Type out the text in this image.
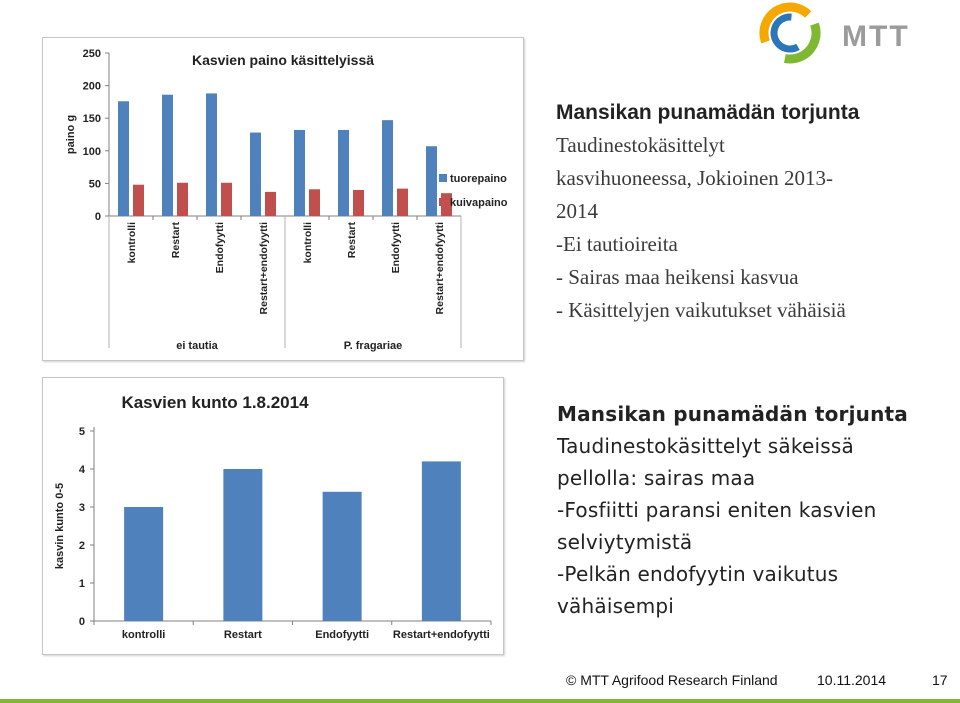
MTT
Kasvien paino käsittelyissä
paino g
0
50
100
150
200
250
kontrolli	Restart	Endofyytti	Restart+endofyytti	kontrolli	Restart	Endofyytti	Restart+endofyytti
ei tautia	P. fragariae
tuorepaino
kuivapaino
Kasvien kunto 1.8.2014
kasvin kunto 0-5
0
1
2
3
4
5
kontrolli	Restart	Endofyytti Restart+endofyytti
Mansikan punamädän torjunta
Taudinestokäsittelyt
kasvihuoneessa, Jokioinen 2013-
2014
-Ei tautioireita
- Sairas maa heikensi kasvua
- Käsittelyjen vaikutukset vähäisiä
Mansikan punamädän torjunta
Taudinestokäsittelyt säkeissä
pellolla: sairas maa
-Fosfiitti paransi eniten kasvien
selviytymistä
-Pelkän endofyytin vaikutus
vähäisempi
© MTT Agrifood Research Finland	10.11.2014	17
